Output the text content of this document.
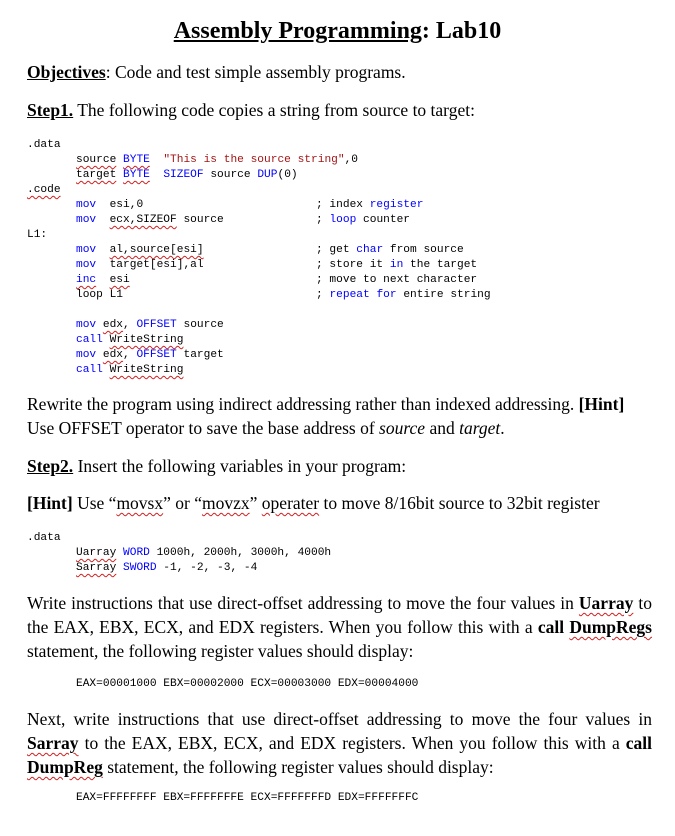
Assembly Programming: Lab10
Objectives: Code and test simple assembly programs.
Step1. The following code copies a string from source to target:
.data
source BYTE "This is the source string",0
target BYTE SIZEOF source DUP(0)
.code
mov esi,0	; index register
mov ecx,SIZEOF source	; loop counter
L1:
mov al,source[esi]	; get char from source
mov target[esi],al	; store it in the target
inc esi	; move to next character
loop L1	; repeat for entire string
mov edx, OFFSET source
call WriteString
mov edx, OFFSET target
call WriteString
Rewrite the program using indirect addressing rather than indexed addressing. [Hint]
Use OFFSET operator to save the base address of source and target.
Step2. Insert the following variables in your program:
[Hint] Use “movsx” or “movzx” operater to move 8/16bit source to 32bit register
.data
Uarray WORD 1000h, 2000h, 3000h, 4000h
Sarray SWORD -1, -2, -3, -4
Write instructions that use direct-offset addressing to move the four values in Uarray to the EAX, EBX, ECX, and EDX registers. When you follow this with a call DumpRegs statement, the following register values should display:
EAX=00001000 EBX=00002000 ECX=00003000 EDX=00004000
Next, write instructions that use direct-offset addressing to move the four values in Sarray to the EAX, EBX, ECX, and EDX registers. When you follow this with a call DumpReg statement, the following register values should display:
EAX=FFFFFFFF EBX=FFFFFFFE ECX=FFFFFFFD EDX=FFFFFFFC
